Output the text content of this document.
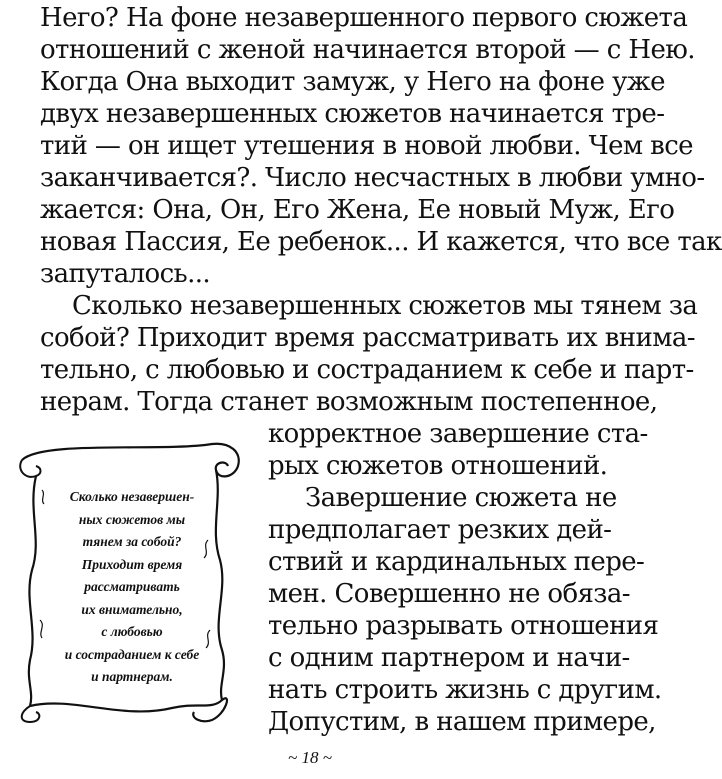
Него? На фоне незавершенного первого сюжета
отношений с женой начинается второй — с Нею.
Когда Она выходит замуж, у Него на фоне уже
двух незавершенных сюжетов начинается тре-
тий — он ищет утешения в новой любви. Чем все
заканчивается?. Число несчастных в любви умно-
жается: Она, Он, Его Жена, Ее новый Муж, Его
новая Пассия, Ее ребенок... И кажется, что все так
запуталось...
Сколько незавершенных сюжетов мы тянем за
собой? Приходит время рассматривать их внима-
тельно, с любовью и состраданием к себе и парт-
нерам. Тогда станет возможным постепенное,
корректное завершение ста-
рых сюжетов отношений.
Завершение сюжета не
предполагает резких дей-
ствий и кардинальных пере-
мен. Совершенно не обяза-
тельно разрывать отношения
с одним партнером и начи-
нать строить жизнь с другим.
Допустим, в нашем примере,
Сколько незавершен-
ных сюжетов мы
тянем за собой?
Приходит время
рассматривать
их внимательно,
с любовью
и состраданием к себе
и партнерам.
~ 18 ~
